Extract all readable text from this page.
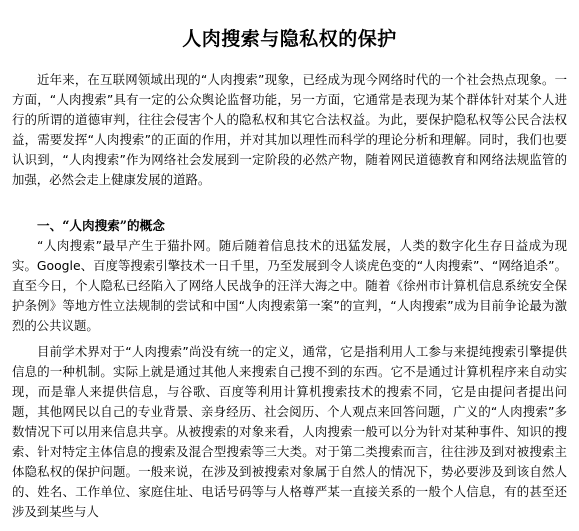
人肉搜索与隐私权的保护

近年来，在互联网领域出现的“人肉搜索”现象，已经成为现今网络时代的一个社会热点现象。一方面，“人肉搜索”具有一定的公众舆论监督功能，另一方面，它通常是表现为某个群体针对某个人进行的所谓的道德审判，往往会侵害个人的隐私权和其它合法权益。为此，要保护隐私权等公民合法权益，需要发挥“人肉搜索”的正面的作用，并对其加以理性而科学的理论分析和理解。同时，我们也要认识到，“人肉搜索”作为网络社会发展到一定阶段的必然产物，随着网民道德教育和网络法规监管的加强，必然会走上健康发展的道路。

一、“人肉搜索”的概念

“人肉搜索”最早产生于猫扑网。随后随着信息技术的迅猛发展，人类的数字化生存日益成为现实。Google、百度等搜索引擎技术一日千里，乃至发展到令人谈虎色变的“人肉搜索”、“网络追杀”。直至今日，个人隐私已经陷入了网络人民战争的汪洋大海之中。随着《徐州市计算机信息系统安全保护条例》等地方性立法规制的尝试和中国“人肉搜索第一案”的宣判，“人肉搜索”成为目前争论最为激烈的公共议题。

目前学术界对于“人肉搜索”尚没有统一的定义，通常，它是指利用人工参与来提纯搜索引擎提供信息的一种机制。实际上就是通过其他人来搜索自己搜不到的东西。它不是通过计算机程序来自动实现，而是靠人来提供信息，与谷歌、百度等利用计算机搜索技术的搜索不同，它是由提问者提出问题，其他网民以自己的专业背景、亲身经历、社会阅历、个人观点来回答问题，广义的“人肉搜索”多数情况下可以用来信息共享。从被搜索的对象来看，人肉搜索一般可以分为针对某种事件、知识的搜索、针对特定主体信息的搜索及混合型搜索等三大类。对于第二类搜索而言，往往涉及到对被搜索主体隐私权的保护问题。一般来说，在涉及到被搜索对象属于自然人的情况下，势必要涉及到该自然人的、姓名、工作单位、家庭住址、电话号码等与人格尊严某一直接关系的一般个人信息，有的甚至还涉及到某些与人
